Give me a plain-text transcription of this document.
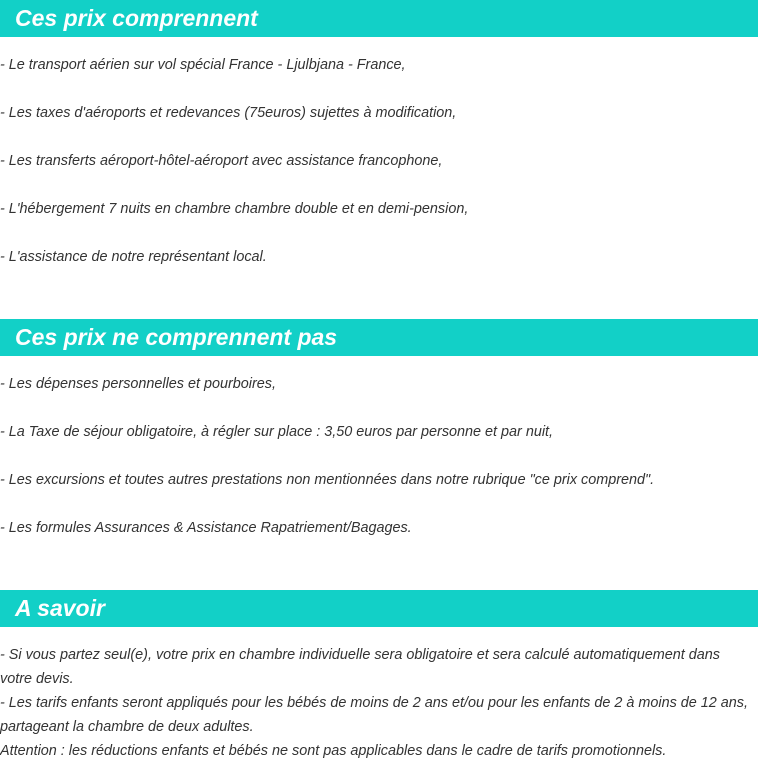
Ces prix comprennent
- Le transport aérien sur vol spécial France - Ljulbjana - France,
- Les taxes d'aéroports et redevances (75euros) sujettes à modification,
- Les transferts aéroport-hôtel-aéroport avec assistance francophone,
- L'hébergement 7 nuits en chambre chambre double et en demi-pension,
- L'assistance de notre représentant local.
Ces prix ne comprennent pas
- Les dépenses personnelles et pourboires,
- La Taxe de séjour obligatoire, à régler sur place : 3,50 euros par personne et par nuit,
- Les excursions et toutes autres prestations non mentionnées dans notre rubrique "ce prix comprend".
- Les formules Assurances & Assistance Rapatriement/Bagages.
A savoir
- Si vous partez seul(e), votre prix en chambre individuelle sera obligatoire et sera calculé automatiquement dans votre devis.
- Les tarifs enfants seront appliqués pour les bébés de moins de 2 ans et/ou pour les enfants de 2 à moins de 12 ans, partageant la chambre de deux adultes.
Attention : les réductions enfants et bébés ne sont pas applicables dans le cadre de tarifs promotionnels.
